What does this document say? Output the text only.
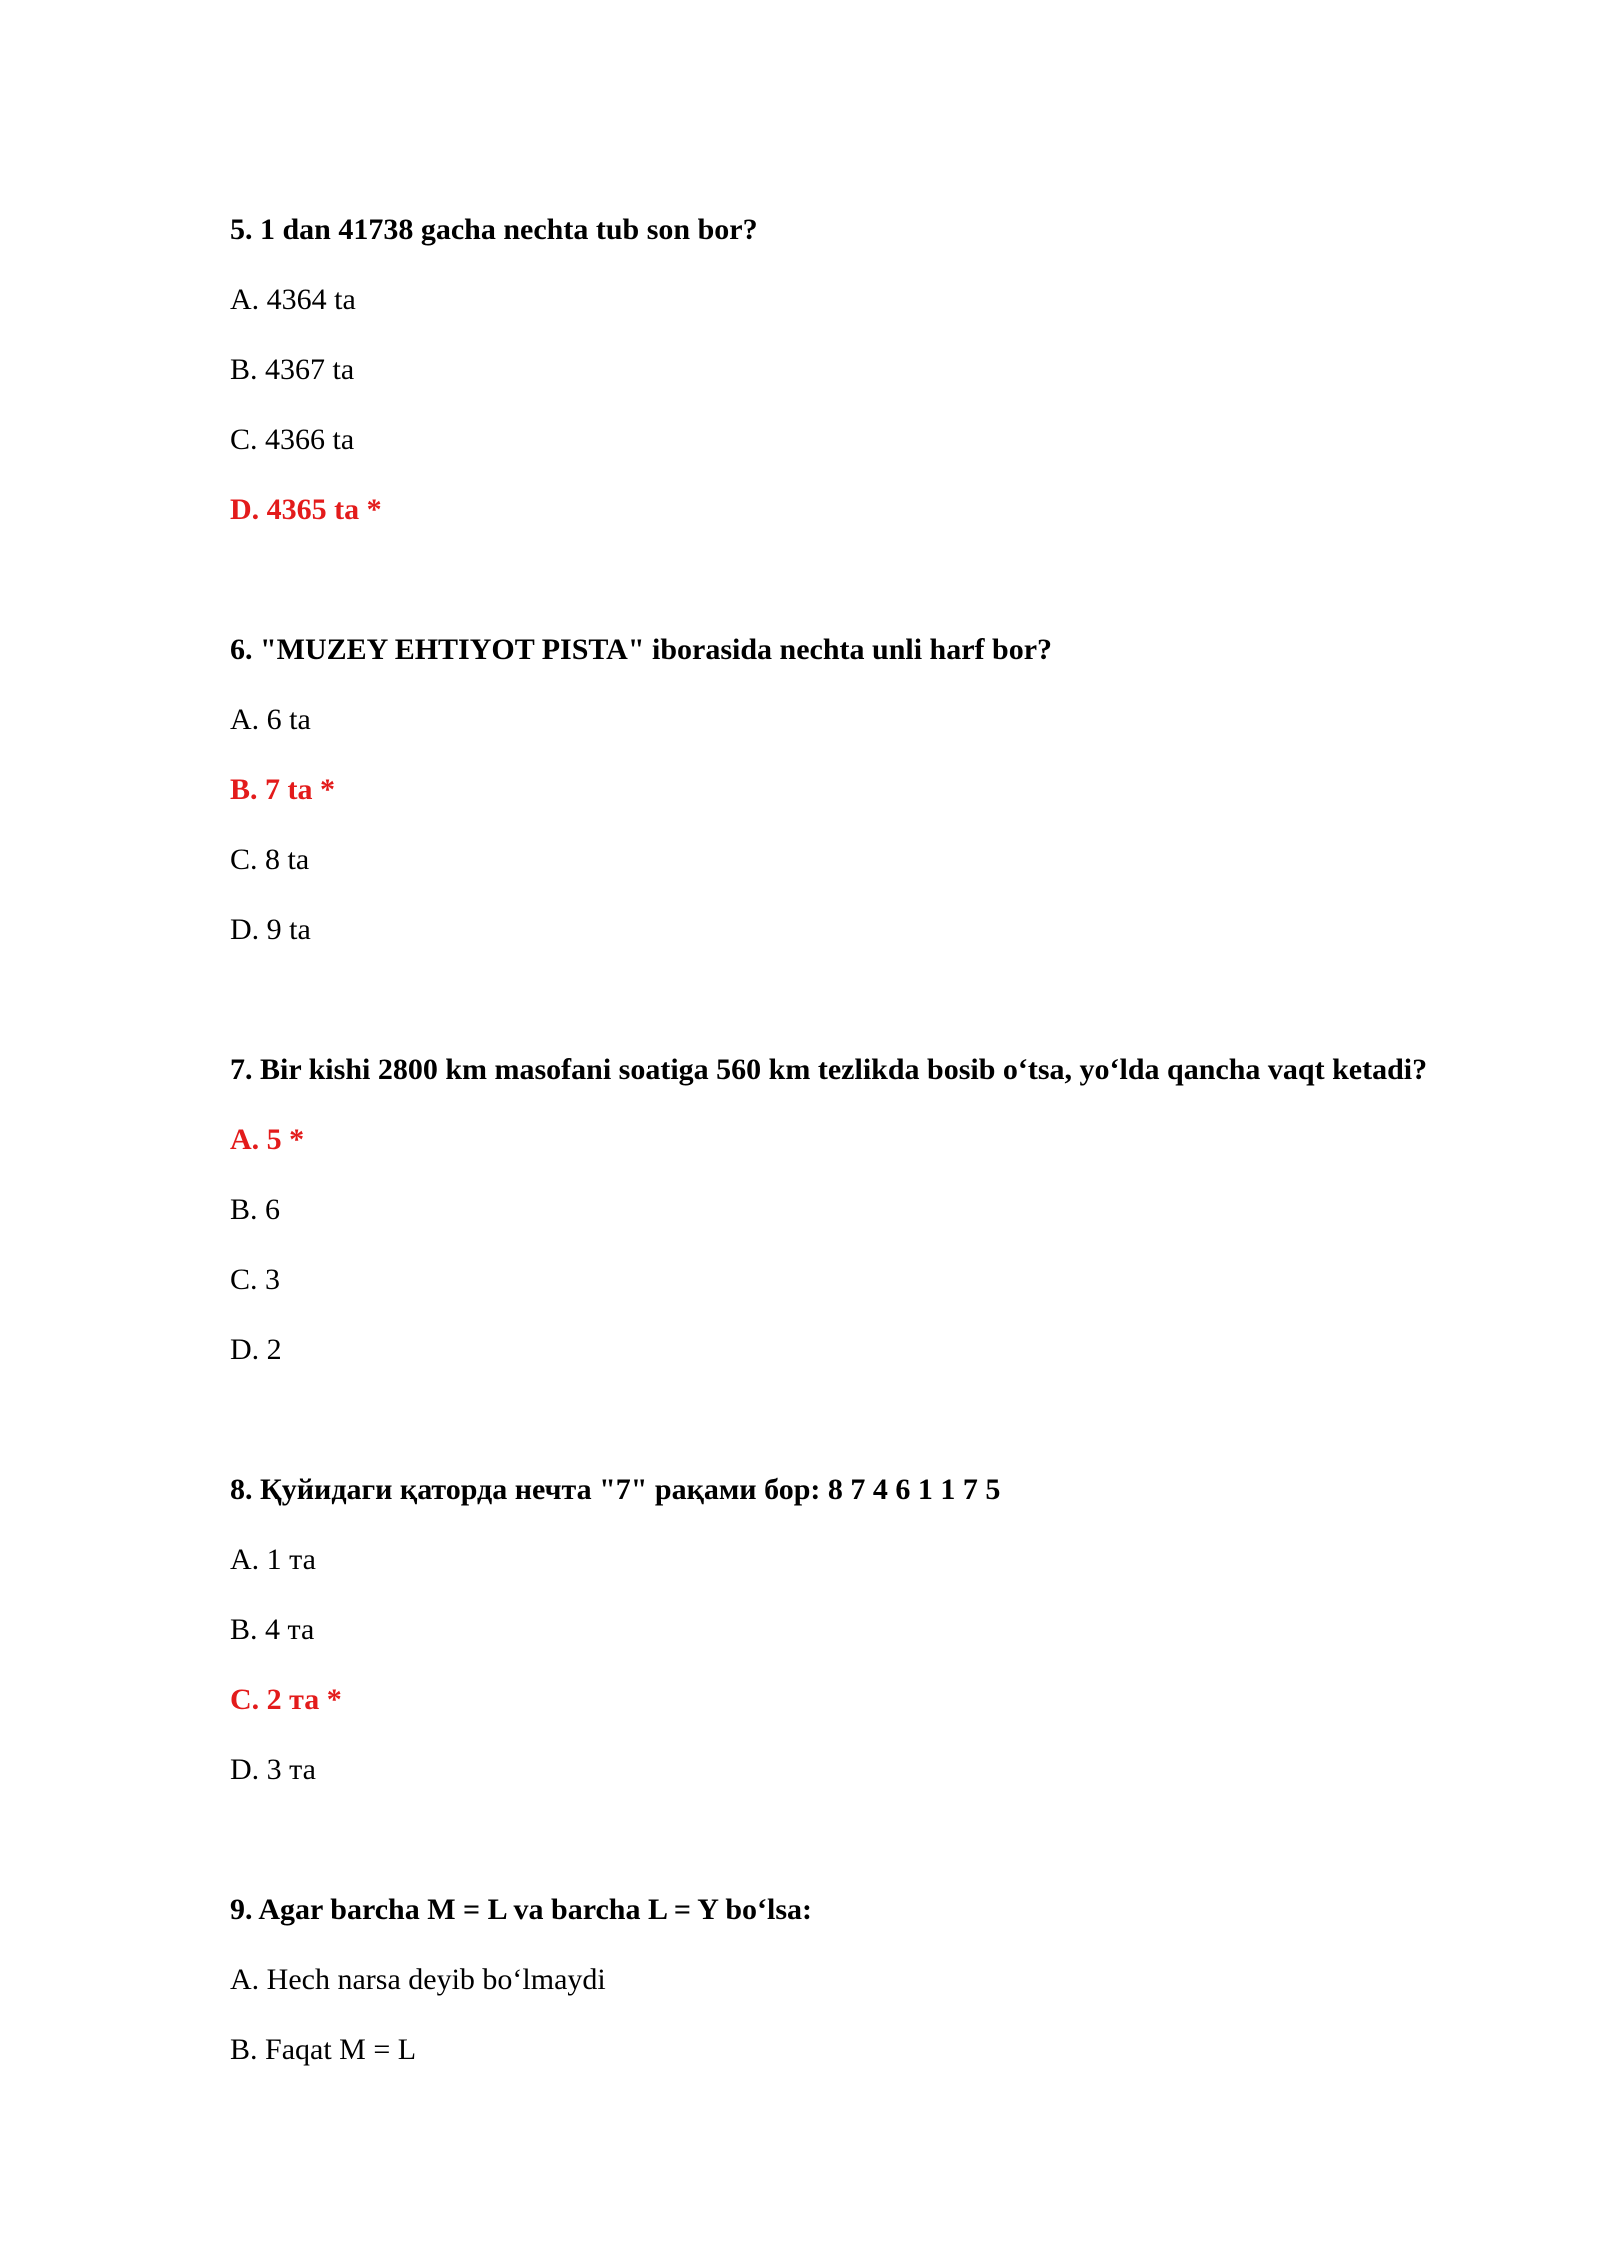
5. 1 dan 41738 gacha nechta tub son bor?

A. 4364 ta

B. 4367 ta

C. 4366 ta

D. 4365 ta *

6. "MUZEY EHTIYOT PISTA" iborasida nechta unli harf bor?

A. 6 ta

B. 7 ta *

C. 8 ta

D. 9 ta

7. Bir kishi 2800 km masofani soatiga 560 km tezlikda bosib o‘tsa, yo‘lda qancha vaqt ketadi?

A. 5 *

B. 6

C. 3

D. 2

8. Қуйидаги қаторда нечта "7" рақами бор: 8 7 4 6 1 1 7 5

A. 1 та

B. 4 та

C. 2 та *

D. 3 та

9. Agar barcha M = L va barcha L = Y bo‘lsa:

A. Hech narsa deyib bo‘lmaydi

B. Faqat M = L
